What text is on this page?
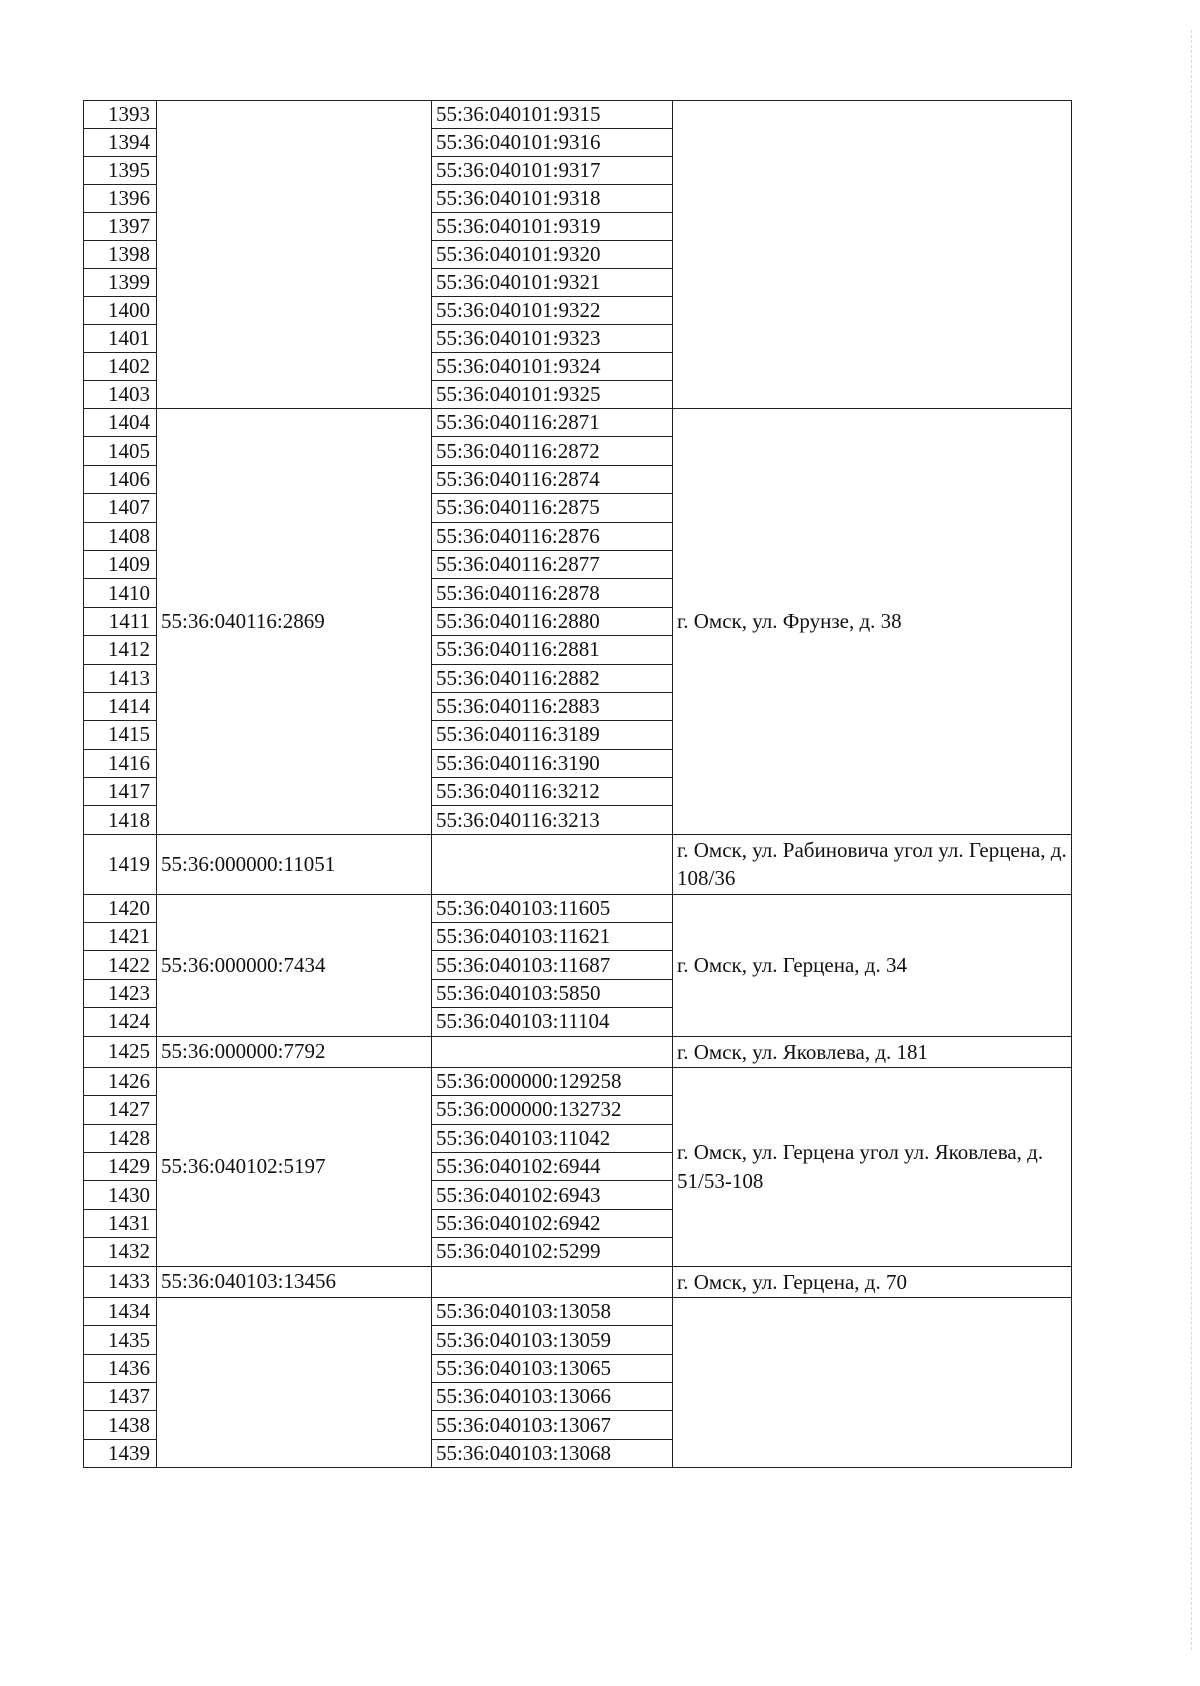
1393		55:36:040101:9315	
1394		55:36:040101:9316	
1395		55:36:040101:9317	
1396		55:36:040101:9318	
1397		55:36:040101:9319	
1398		55:36:040101:9320	
1399		55:36:040101:9321	
1400		55:36:040101:9322	
1401		55:36:040101:9323	
1402		55:36:040101:9324	
1403		55:36:040101:9325	
1404	55:36:040116:2869	55:36:040116:2871	г. Омск, ул. Фрунзе, д. 38
1405		55:36:040116:2872	
1406		55:36:040116:2874	
1407		55:36:040116:2875	
1408		55:36:040116:2876	
1409		55:36:040116:2877	
1410		55:36:040116:2878	
1411		55:36:040116:2880	
1412		55:36:040116:2881	
1413		55:36:040116:2882	
1414		55:36:040116:2883	
1415		55:36:040116:3189	
1416		55:36:040116:3190	
1417		55:36:040116:3212	
1418		55:36:040116:3213	
1419	55:36:000000:11051		г. Омск, ул. Рабиновича угол ул. Герцена, д. 108/36
1420	55:36:000000:7434	55:36:040103:11605	г. Омск, ул. Герцена, д. 34
1421		55:36:040103:11621	
1422		55:36:040103:11687	
1423		55:36:040103:5850	
1424		55:36:040103:11104	
1425	55:36:000000:7792		г. Омск, ул. Яковлева, д. 181
1426	55:36:040102:5197	55:36:000000:129258	г. Омск, ул. Герцена угол ул. Яковлева, д. 51/53-108
1427		55:36:000000:132732	
1428		55:36:040103:11042	
1429		55:36:040102:6944	
1430		55:36:040102:6943	
1431		55:36:040102:6942	
1432		55:36:040102:5299	
1433	55:36:040103:13456		г. Омск, ул. Герцена, д. 70
1434		55:36:040103:13058	
1435		55:36:040103:13059	
1436		55:36:040103:13065	
1437		55:36:040103:13066	
1438		55:36:040103:13067	
1439		55:36:040103:13068	
